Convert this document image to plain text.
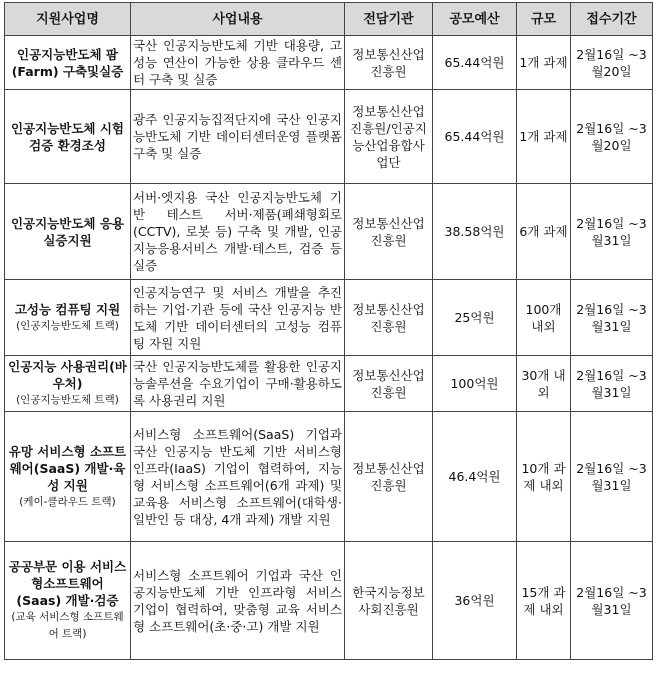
지원사업명	사업내용	전담기관	공모예산	규모	접수기간

인공지능반도체 팜(Farm) 구축및실증	국산 인공지능반도체 기반 대용량, 고성능 연산이 가능한 상용 클라우드 센터 구축 및 실증	정보통신산업진흥원	65.44억원	1개 과제	2월16일 ~3월20일

인공지능반도체 시험검증 환경조성	광주 인공지능집적단지에 국산 인공지능반도체 기반 데이터센터운영 플랫폼 구축 및 실증	정보통신산업진흥원/인공지능산업융합사업단	65.44억원	1개 과제	2월16일 ~3월20일

인공지능반도체 응용실증지원	서버·엣지용 국산 인공지능반도체 기반 테스트 서버·제품(폐쇄형회로(CCTV), 로봇 등) 구축 및 개발, 인공지능응용서비스 개발·테스트, 검증 등 실증	정보통신산업진흥원	38.58억원	6개 과제	2월16일 ~3월31일

고성능 컴퓨팅 지원
(인공지능반도체 트랙)	인공지능연구 및 서비스 개발을 추진하는 기업·기관 등에 국산 인공지능 반도체 기반 데이터센터의 고성능 컴퓨팅 자원 지원	정보통신산업진흥원	25억원	100개 내외	2월16일 ~3월31일

인공지능 사용권리(바우처)
(인공지능반도체 트랙)	국산 인공지능반도체를 활용한 인공지능솔루션을 수요기업이 구매·활용하도록 사용권리 지원	정보통신산업진흥원	100억원	30개 내외	2월16일 ~3월31일

유망 서비스형 소프트웨어(SaaS) 개발·육성 지원
(케이-클라우드 트랙)	서비스형 소프트웨어(SaaS) 기업과 국산 인공지능 반도체 기반 서비스형 인프라(IaaS) 기업이 협력하여, 지능형 서비스형 소프트웨어(6개 과제) 및 교육용 서비스형 소프트웨어(대학생·일반인 등 대상, 4개 과제) 개발 지원	정보통신산업진흥원	46.4억원	10개 과제 내외	2월16일 ~3월31일

공공부문 이용 서비스형소프트웨어 (Saas) 개발·검증
(교육 서비스형 소프트웨어 트랙)	서비스형 소프트웨어 기업과 국산 인공지능반도체 기반 인프라형 서비스 기업이 협력하여, 맞춤형 교육 서비스형 소프트웨어(초·중·고) 개발 지원	한국지능정보사회진흥원	36억원	15개 과제 내외	2월16일 ~3월31일
